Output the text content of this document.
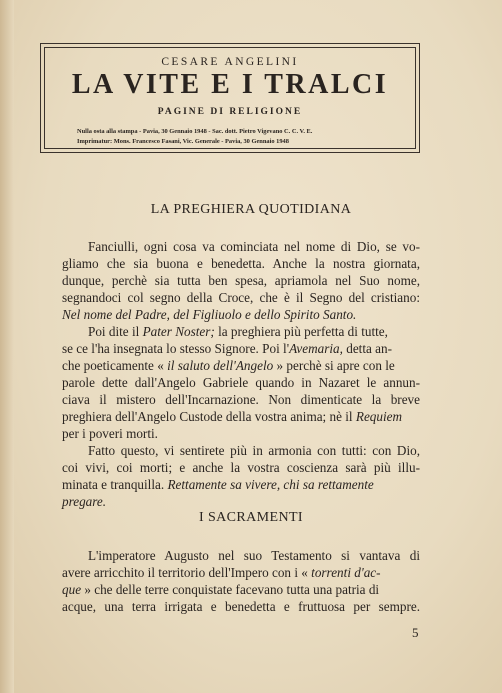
CESARE ANGELINI
LA VITE E I TRALCI
PAGINE DI RELIGIONE
Nulla osta alla stampa - Pavia, 30 Gennaio 1948 - Sac. dott. Pietro Vigevano C. C. V. E.
Imprimatur: Mons. Francesco Fasani, Vic. Generale - Pavia, 30 Gennaio 1948
LA PREGHIERA QUOTIDIANA
Fanciulli, ogni cosa va cominciata nel nome di Dio, se vo-
gliamo che sia buona e benedetta. Anche la nostra giornata,
dunque, perchè sia tutta ben spesa, apriamola nel Suo nome,
segnandoci col segno della Croce, che è il Segno del cristiano:
Nel nome del Padre, del Figliuolo e dello Spirito Santo.
Poi dite il Pater Noster; la preghiera più perfetta di tutte,
se ce l'ha insegnata lo stesso Signore. Poi l'Avemaria, detta an-
che poeticamente « il saluto dell'Angelo » perchè si apre con le
parole dette dall'Angelo Gabriele quando in Nazaret le annun-
ciava il mistero dell'Incarnazione. Non dimenticate la breve
preghiera dell'Angelo Custode della vostra anima; nè il Requiem
per i poveri morti.
Fatto questo, vi sentirete più in armonia con tutti: con Dio,
coi vivi, coi morti; e anche la vostra coscienza sarà più illu-
minata e tranquilla. Rettamente sa vivere, chi sa rettamente
pregare.
I SACRAMENTI
L'imperatore Augusto nel suo Testamento si vantava di
avere arricchito il territorio dell'Impero con i « torrenti d'ac-
que » che delle terre conquistate facevano tutta una patria di
acque, una terra irrigata e benedetta e fruttuosa per sempre.
5
